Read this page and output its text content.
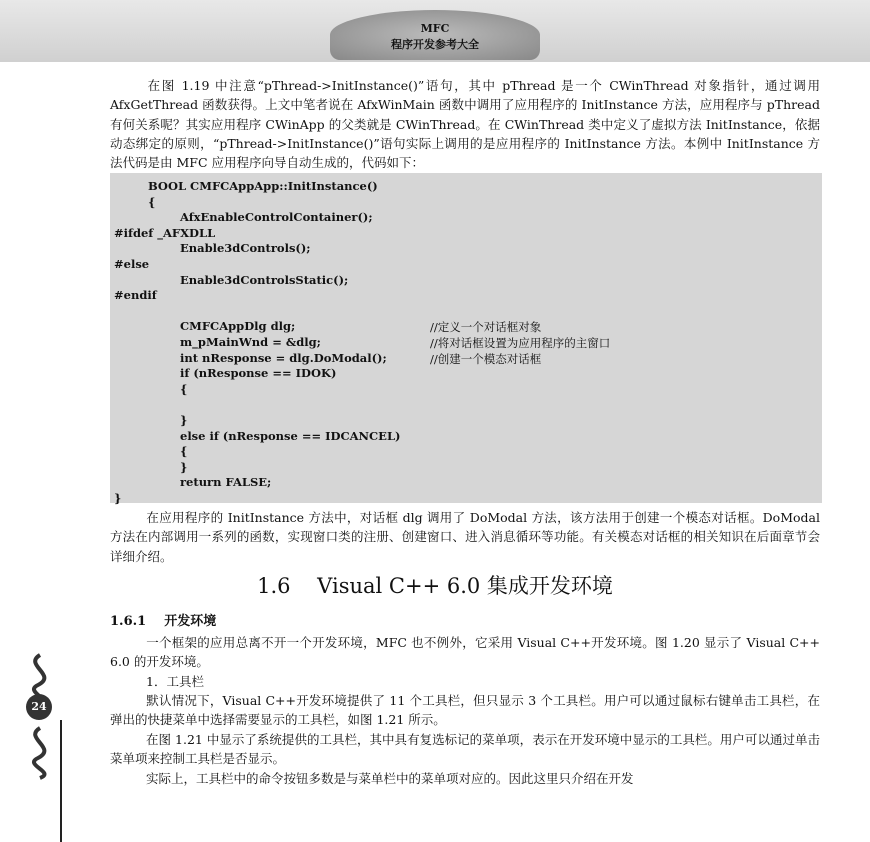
MFC
程序开发参考大全
在图 1.19 中注意“pThread->InitInstance()”语句，其中 pThread 是一个 CWinThread 对象指针，通过调用 AfxGetThread 函数获得。上文中笔者说在 AfxWinMain 函数中调用了应用程序的 InitInstance 方法，应用程序与 pThread 有何关系呢？其实应用程序 CWinApp 的父类就是 CWinThread。在 CWinThread 类中定义了虚拟方法 InitInstance，依据动态绑定的原则，“pThread->InitInstance()”语句实际上调用的是应用程序的 InitInstance 方法。本例中 InitInstance 方法代码是由 MFC 应用程序向导自动生成的，代码如下：
BOOL CMFCAppApp::InitInstance()
{
AfxEnableControlContainer();
#ifdef _AFXDLL
Enable3dControls();
#else
Enable3dControlsStatic();
#endif
CMFCAppDlg dlg;	//定义一个对话框对象
m_pMainWnd = &dlg;	//将对话框设置为应用程序的主窗口
int nResponse = dlg.DoModal();	//创建一个模态对话框
if (nResponse == IDOK)
{
}
else if (nResponse == IDCANCEL)
{
}
return FALSE;
}
在应用程序的 InitInstance 方法中，对话框 dlg 调用了 DoModal 方法，该方法用于创建一个模态对话框。DoModal 方法在内部调用一系列的函数，实现窗口类的注册、创建窗口、进入消息循环等功能。有关模态对话框的相关知识在后面章节会详细介绍。
1.6    Visual C++ 6.0 集成开发环境
1.6.1    开发环境
一个框架的应用总离不开一个开发环境，MFC 也不例外，它采用 Visual C++开发环境。图 1.20 显示了 Visual C++ 6.0 的开发环境。
1．工具栏
默认情况下，Visual C++开发环境提供了 11 个工具栏，但只显示 3 个工具栏。用户可以通过鼠标右键单击工具栏，在弹出的快捷菜单中选择需要显示的工具栏，如图 1.21 所示。
在图 1.21 中显示了系统提供的工具栏，其中具有复选标记的菜单项，表示在开发环境中显示的工具栏。用户可以通过单击菜单项来控制工具栏是否显示。
实际上，工具栏中的命令按钮多数是与菜单栏中的菜单项对应的。因此这里只介绍在开发
24
